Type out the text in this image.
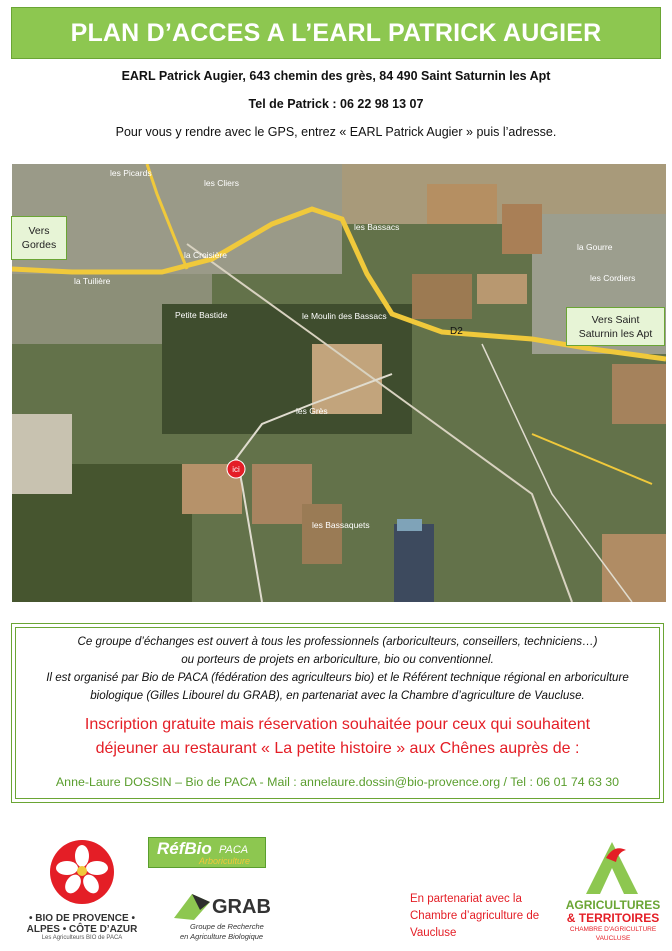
PLAN D’ACCES A L’EARL PATRICK AUGIER
EARL Patrick Augier, 643 chemin des grès, 84 490 Saint Saturnin les Apt
Tel de Patrick : 06 22 98 13 07
Pour vous y rendre avec le GPS, entrez « EARL Patrick Augier » puis l’adresse.
les Picards
les Cliers
les Bassacs
la Tuilière
la Croisière
Petite Bastide	le Moulin des Bassacs
les Grès
les Bassaquets
les Cordiers
la Gourre
D2
ici
Vers
Gordes
Vers Saint
Saturnin les Apt
Ce groupe d’échanges est ouvert à tous les professionnels (arboriculteurs, conseillers, techniciens…)
ou porteurs de projets en arboriculture, bio ou conventionnel.
Il est organisé par Bio de PACA (fédération des agriculteurs bio) et le Référent technique régional en arboriculture
biologique (Gilles Libourel du GRAB), en partenariat avec la Chambre d’agriculture de Vaucluse.
Inscription gratuite mais réservation souhaitée pour ceux qui souhaitent
déjeuner au restaurant « La petite histoire » aux Chênes auprès de :
Anne-Laure DOSSIN – Bio de PACA - Mail : annelaure.dossin@bio-provence.org / Tel : 06 01 74 63 30
• BIO DE PROVENCE •
ALPES • CÔTE D’AZUR
Les Agriculteurs BIO de PACA
RéfBio PACA
Arboriculture
GRAB
Groupe de Recherche
en Agriculture Biologique
En partenariat avec la
Chambre d’agriculture de
Vaucluse
AGRICULTURES
& TERRITOIRES
CHAMBRE D'AGRICULTURE
VAUCLUSE
